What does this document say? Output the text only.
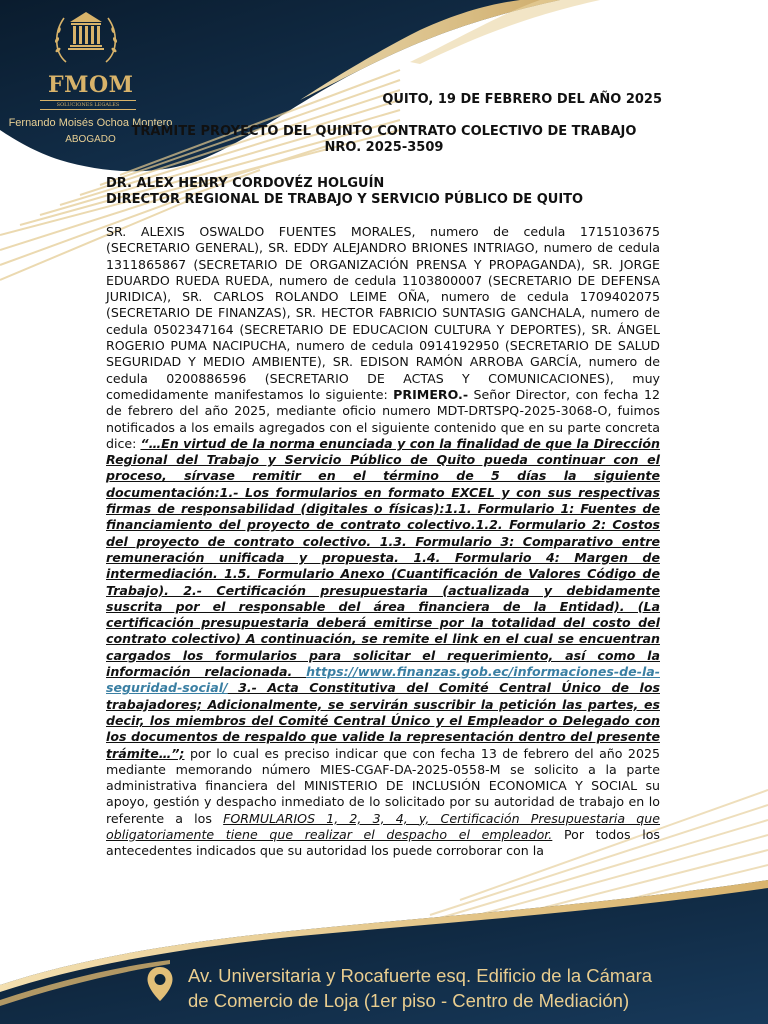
FMOM
SOLUCIONES LEGALES
Fernando Moisés Ochoa Montero
ABOGADO
QUITO, 19 DE FEBRERO DEL AÑO 2025
TRAMITE PROYECTO DEL QUINTO CONTRATO COLECTIVO DE TRABAJO
NRO. 2025-3509
DR. ALEX HENRY CORDOVÉZ HOLGUÍN
DIRECTOR REGIONAL DE TRABAJO Y SERVICIO PÚBLICO DE QUITO
SR. ALEXIS OSWALDO FUENTES MORALES, numero de cedula 1715103675 (SECRETARIO GENERAL), SR. EDDY ALEJANDRO BRIONES INTRIAGO, numero de cedula 1311865867 (SECRETARIO DE ORGANIZACIÓN PRENSA Y PROPAGANDA), SR. JORGE EDUARDO RUEDA RUEDA, numero de cedula 1103800007 (SECRETARIO DE DEFENSA JURIDICA), SR. CARLOS ROLANDO LEIME OÑA, numero de cedula 1709402075 (SECRETARIO DE FINANZAS), SR. HECTOR FABRICIO SUNTASIG GANCHALA, numero de cedula 0502347164 (SECRETARIO DE EDUCACION CULTURA Y DEPORTES), SR. ÁNGEL ROGERIO PUMA NACIPUCHA, numero de cedula 0914192950 (SECRETARIO DE SALUD SEGURIDAD Y MEDIO AMBIENTE), SR. EDISON RAMÓN ARROBA GARCÍA, numero de cedula 0200886596 (SECRETARIO DE ACTAS Y COMUNICACIONES), muy comedidamente manifestamos lo siguiente: PRIMERO.- Señor Director, con fecha 12 de febrero del año 2025, mediante oficio numero MDT-DRTSPQ-2025-3068-O, fuimos notificados a los emails agregados con el siguiente contenido que en su parte concreta dice: “…En virtud de la norma enunciada y con la finalidad de que la Dirección Regional del Trabajo y Servicio Público de Quito pueda continuar con el proceso, sírvase remitir en el término de 5 días la siguiente documentación:1.- Los formularios en formato EXCEL y con sus respectivas firmas de responsabilidad (digitales o físicas):1.1. Formulario 1: Fuentes de financiamiento del proyecto de contrato colectivo.1.2. Formulario 2: Costos del proyecto de contrato colectivo. 1.3. Formulario 3: Comparativo entre remuneración unificada y propuesta. 1.4. Formulario 4: Margen de intermediación. 1.5. Formulario Anexo (Cuantificación de Valores Código de Trabajo). 2.- Certificación presupuestaria (actualizada y debidamente suscrita por el responsable del área financiera de la Entidad). (La certificación presupuestaria deberá emitirse por la totalidad del costo del contrato colectivo) A continuación, se remite el link en el cual se encuentran cargados los formularios para solicitar el requerimiento, así como la información relacionada. https://www.finanzas.gob.ec/informaciones-de-la-seguridad-social/ 3.- Acta Constitutiva del Comité Central Único de los trabajadores; Adicionalmente, se servirán suscribir la petición las partes, es decir, los miembros del Comité Central Único y el Empleador o Delegado con los documentos de respaldo que valide la representación dentro del presente trámite…”; por lo cual es preciso indicar que con fecha 13 de febrero del año 2025 mediante memorando número MIES-CGAF-DA-2025-0558-M se solicito a la parte administrativa financiera del MINISTERIO DE INCLUSIÓN ECONOMICA Y SOCIAL su apoyo, gestión y despacho inmediato de lo solicitado por su autoridad de trabajo en lo referente a los FORMULARIOS 1, 2, 3, 4, y, Certificación Presupuestaria que obligatoriamente tiene que realizar el despacho el empleador. Por todos los antecedentes indicados que su autoridad los puede corroborar con la
Av. Universitaria y Rocafuerte esq. Edificio de la Cámara
de Comercio de Loja (1er piso - Centro de Mediación)
